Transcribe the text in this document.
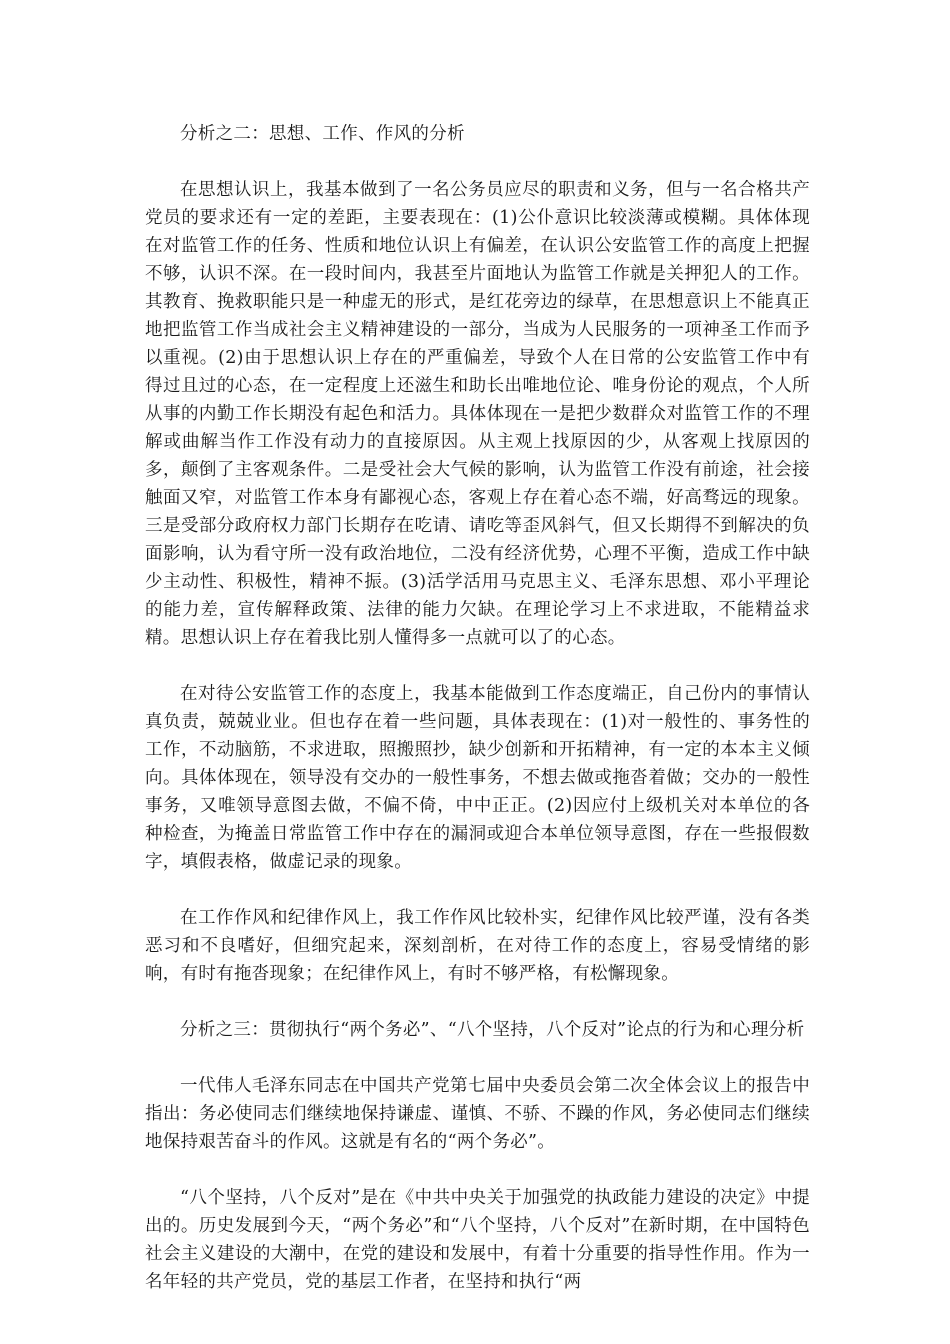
分析之二：思想、工作、作风的分析

在思想认识上，我基本做到了一名公务员应尽的职责和义务，但与一名合格共产党员的要求还有一定的差距，主要表现在：(1)公仆意识比较淡薄或模糊。具体体现在对监管工作的任务、性质和地位认识上有偏差，在认识公安监管工作的高度上把握不够，认识不深。在一段时间内，我甚至片面地认为监管工作就是关押犯人的工作。其教育、挽救职能只是一种虚无的形式，是红花旁边的绿草，在思想意识上不能真正地把监管工作当成社会主义精神建设的一部分，当成为人民服务的一项神圣工作而予以重视。(2)由于思想认识上存在的严重偏差，导致个人在日常的公安监管工作中有得过且过的心态，在一定程度上还滋生和助长出唯地位论、唯身份论的观点，个人所从事的内勤工作长期没有起色和活力。具体体现在一是把少数群众对监管工作的不理解或曲解当作工作没有动力的直接原因。从主观上找原因的少，从客观上找原因的多，颠倒了主客观条件。二是受社会大气候的影响，认为监管工作没有前途，社会接触面又窄，对监管工作本身有鄙视心态，客观上存在着心态不端，好高骛远的现象。三是受部分政府权力部门长期存在吃请、请吃等歪风斜气，但又长期得不到解决的负面影响，认为看守所一没有政治地位，二没有经济优势，心理不平衡，造成工作中缺少主动性、积极性，精神不振。(3)活学活用马克思主义、毛泽东思想、邓小平理论的能力差，宣传解释政策、法律的能力欠缺。在理论学习上不求进取，不能精益求精。思想认识上存在着我比别人懂得多一点就可以了的心态。

在对待公安监管工作的态度上，我基本能做到工作态度端正，自己份内的事情认真负责，兢兢业业。但也存在着一些问题，具体表现在：(1)对一般性的、事务性的工作，不动脑筋，不求进取，照搬照抄，缺少创新和开拓精神，有一定的本本主义倾向。具体体现在，领导没有交办的一般性事务，不想去做或拖沓着做；交办的一般性事务，又唯领导意图去做，不偏不倚，中中正正。(2)因应付上级机关对本单位的各种检查，为掩盖日常监管工作中存在的漏洞或迎合本单位领导意图，存在一些报假数字，填假表格，做虚记录的现象。

在工作作风和纪律作风上，我工作作风比较朴实，纪律作风比较严谨，没有各类恶习和不良嗜好，但细究起来，深刻剖析，在对待工作的态度上，容易受情绪的影响，有时有拖沓现象；在纪律作风上，有时不够严格，有松懈现象。

分析之三：贯彻执行“两个务必”、“八个坚持，八个反对”论点的行为和心理分析

一代伟人毛泽东同志在中国共产党第七届中央委员会第二次全体会议上的报告中指出：务必使同志们继续地保持谦虚、谨慎、不骄、不躁的作风，务必使同志们继续地保持艰苦奋斗的作风。这就是有名的“两个务必”。

“八个坚持，八个反对”是在《中共中央关于加强党的执政能力建设的决定》中提出的。历史发展到今天，“两个务必”和“八个坚持，八个反对”在新时期，在中国特色社会主义建设的大潮中，在党的建设和发展中，有着十分重要的指导性作用。作为一名年轻的共产党员，党的基层工作者，在坚持和执行“两
